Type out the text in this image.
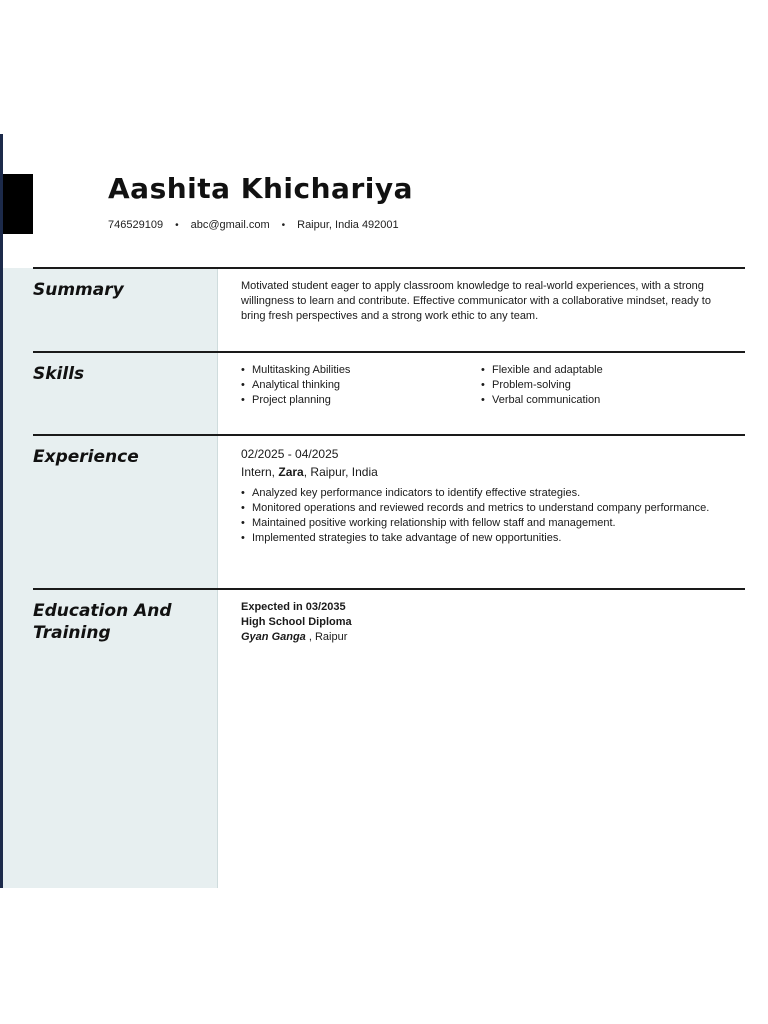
Aashita Khichariya
746529109 • abc@gmail.com • Raipur, India 492001
Summary	Motivated student eager to apply classroom knowledge to real-world experiences, with a strong willingness to learn and contribute. Effective communicator with a collaborative mindset, ready to bring fresh perspectives and a strong work ethic to any team.

Skills
•	Multitasking Abilities
• Analytical thinking
• Project planning
• Flexible and adaptable
• Problem-solving
• Verbal communication
Experience	02/2025 - 04/2025

Intern, Zara, Raipur, India

• Analyzed key performance indicators to identify effective strategies.
• Monitored operations and reviewed records and metrics to understand company performance.
• Maintained positive working relationship with fellow staff and management.
• Implemented strategies to take advantage of new opportunities.
Education And Training

Expected in 03/2035

High School Diploma

Gyan Ganga , Raipur
